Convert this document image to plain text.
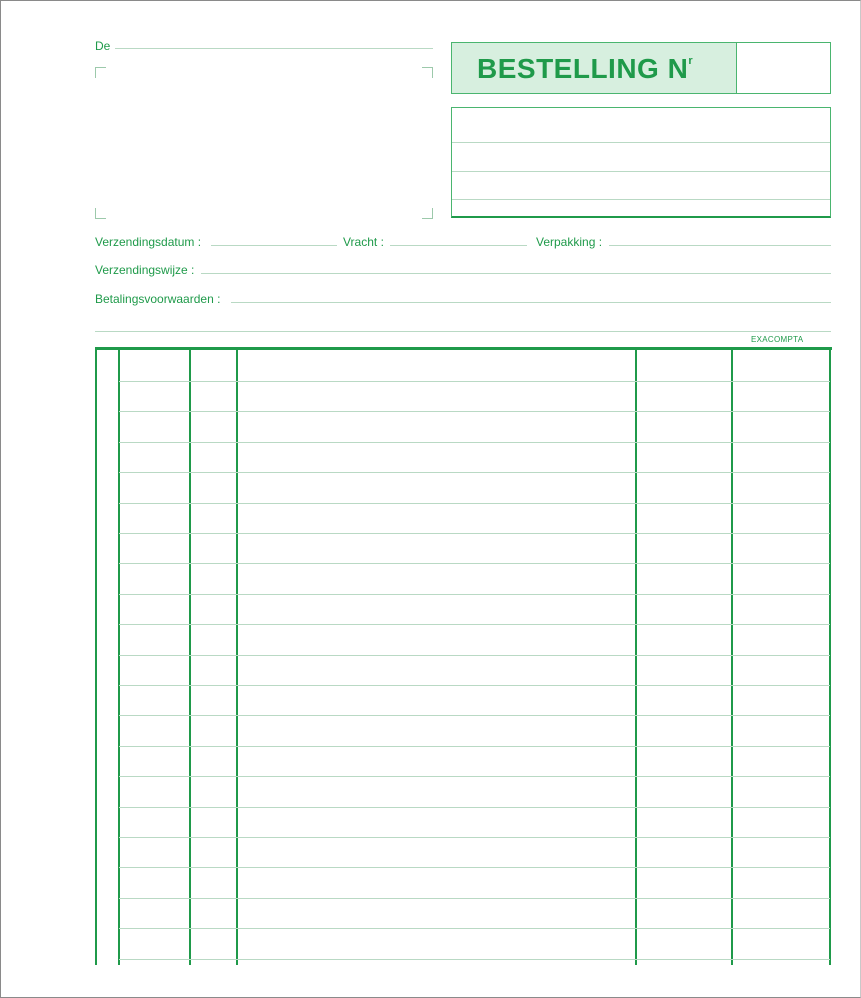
De
BESTELLING $N^r$
Verzendingsdatum :	Vracht :	Verpakking :
Verzendingswijze :
Betalingsvoorwaarden :
EXACOMPTA
